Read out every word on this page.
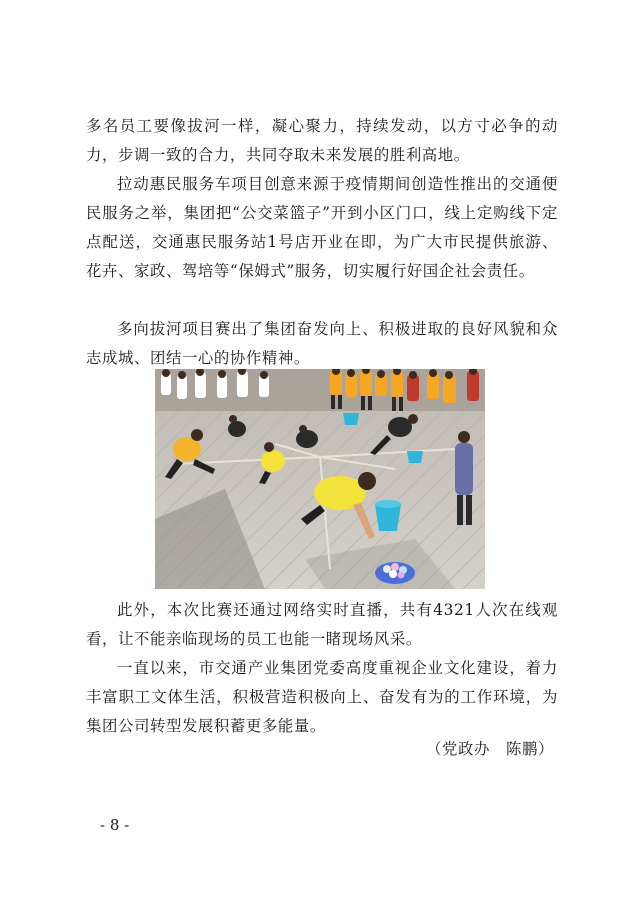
多名员工要像拔河一样，凝心聚力，持续发动，以方寸必争的动力，步调一致的合力，共同夺取未来发展的胜利高地。
拉动惠民服务车项目创意来源于疫情期间创造性推出的交通便民服务之举，集团把“公交菜篮子”开到小区门口，线上定购线下定点配送，交通惠民服务站1号店开业在即，为广大市民提供旅游、花卉、家政、驾培等“保姆式”服务，切实履行好国企社会责任。
多向拔河项目赛出了集团奋发向上、积极进取的良好风貌和众志成城、团结一心的协作精神。
此外，本次比赛还通过网络实时直播，共有4321人次在线观看，让不能亲临现场的员工也能一睹现场风采。
一直以来，市交通产业集团党委高度重视企业文化建设，着力丰富职工文体生活，积极营造积极向上、奋发有为的工作环境，为集团公司转型发展积蓄更多能量。
（党政办　陈鹏）
- 8 -
